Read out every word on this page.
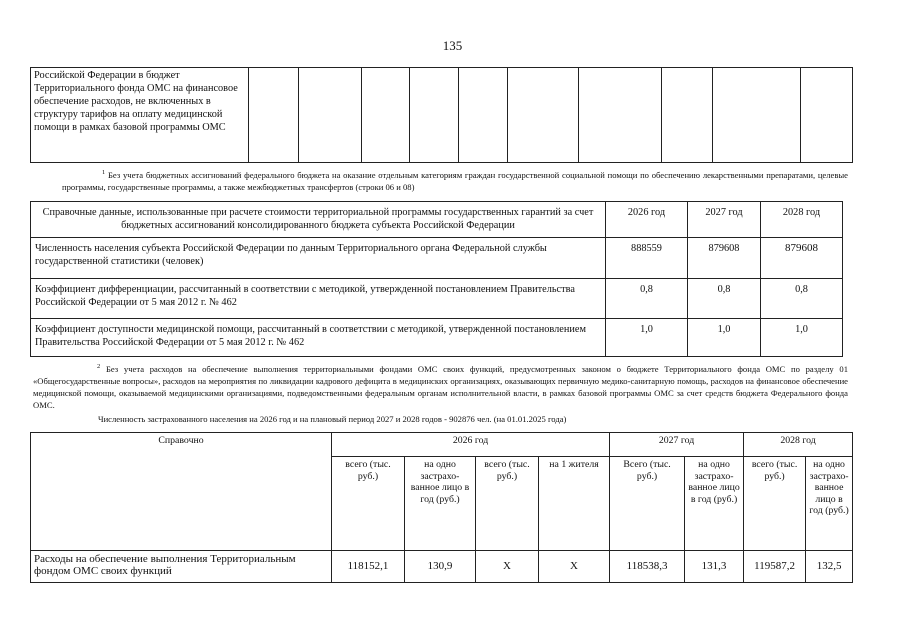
135
Российской Федерации в бюджет Территориального фонда ОМС на финансовое обеспечение расходов, не включенных в структуру тарифов на оплату медицинской помощи в рамках базовой программы ОМС										
$^1$ Без учета бюджетных ассигнований федерального бюджета на оказание отдельным категориям граждан государственной социальной помощи по обеспечению лекарственными препаратами, целевые программы, государственные программы, а также межбюджетных трансфертов (строки 06 и 08)
Справочные данные, использованные при расчете стоимости территориальной программы государственных гарантий за счет бюджетных ассигнований консолидированного бюджета субъекта Российской Федерации	2026 год	2027 год	2028 год
Численность населения субъекта Российской Федерации по данным Территориального органа Федеральной службы государственной статистики (человек)	888559	879608	879608
Коэффициент дифференциации, рассчитанный в соответствии с методикой, утвержденной постановлением Правительства Российской Федерации от 5 мая 2012 г. № 462	0,8	0,8	0,8
Коэффициент доступности медицинской помощи, рассчитанный в соответствии с методикой, утвержденной постановлением Правительства Российской Федерации от 5 мая 2012 г. № 462	1,0	1,0	1,0
$^2$ Без учета расходов на обеспечение выполнения территориальными фондами ОМС своих функций, предусмотренных законом о бюджете Территориального фонда ОМС по разделу 01 «Общегосударственные вопросы», расходов на мероприятия по ликвидации кадрового дефицита в медицинских организациях, оказывающих первичную медико-санитарную помощь, расходов на финансовое обеспечение медицинской помощи, оказываемой медицинскими организациями, подведомственными федеральным органам исполнительной власти, в рамках базовой программы ОМС за счет средств бюджета Федерального фонда ОМС.
Численность застрахованного населения на 2026 год и на плановый период 2027 и 2028 годов - 902876 чел. (на 01.01.2025 года)
Справочно	2026 год				2027 год		2028 год	
	всего (тыс. руб.)	на одно застрахо-ванное лицо в год (руб.)	всего (тыс. руб.)	на 1 жителя	Всего (тыс. руб.)	на одно застрахо-ванное лицо в год (руб.)	всего (тыс. руб.)	на одно застрахо-ванное лицо в год (руб.)
Расходы на обеспечение выполнения Территориальным фондом ОМС своих функций	118152,1	130,9	Х	Х	118538,3	131,3	119587,2	132,5
